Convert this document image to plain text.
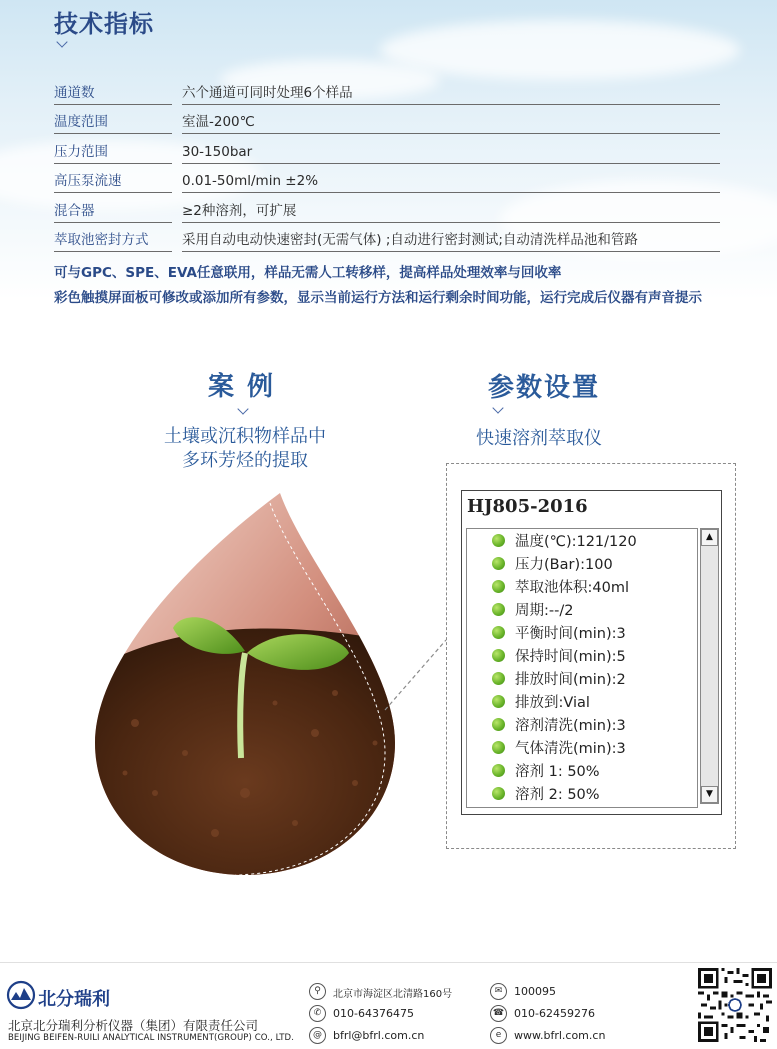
技术指标
通道数	六个通道可同时处理6个样品
温度范围	室温-200℃
压力范围	30-150bar
高压泵流速	0.01-50ml/min ±2%
混合器	≥2种溶剂，可扩展
萃取池密封方式	采用自动电动快速密封(无需气体) ;自动进行密封测试;自动清洗样品池和管路
可与GPC、SPE、EVA任意联用，样品无需人工转移样，提高样品处理效率与回收率
彩色触摸屏面板可修改或添加所有参数，显示当前运行方法和运行剩余时间功能，运行完成后仪器有声音提示
案 例
土壤或沉积物样品中
多环芳烃的提取
参数设置
快速溶剂萃取仪
HJ805-2016
温度(℃):121/120
压力(Bar):100
萃取池体积:40ml
周期:--/2
平衡时间(min):3
保持时间(min):5
排放时间(min):2
排放到:Vial
溶剂清洗(min):3
气体清洗(min):3
溶剂 1: 50%
溶剂 2: 50%
▲
▼
北分瑞利
北京北分瑞利分析仪器（集团）有限责任公司
BEIJING BEIFEN-RUILI ANALYTICAL INSTRUMENT(GROUP) CO., LTD.
⚲	北京市海淀区北清路160号
✆	010-64376475
@	bfrl@bfrl.com.cn
✉	100095
☎ 010-62459276
e	www.bfrl.com.cn
